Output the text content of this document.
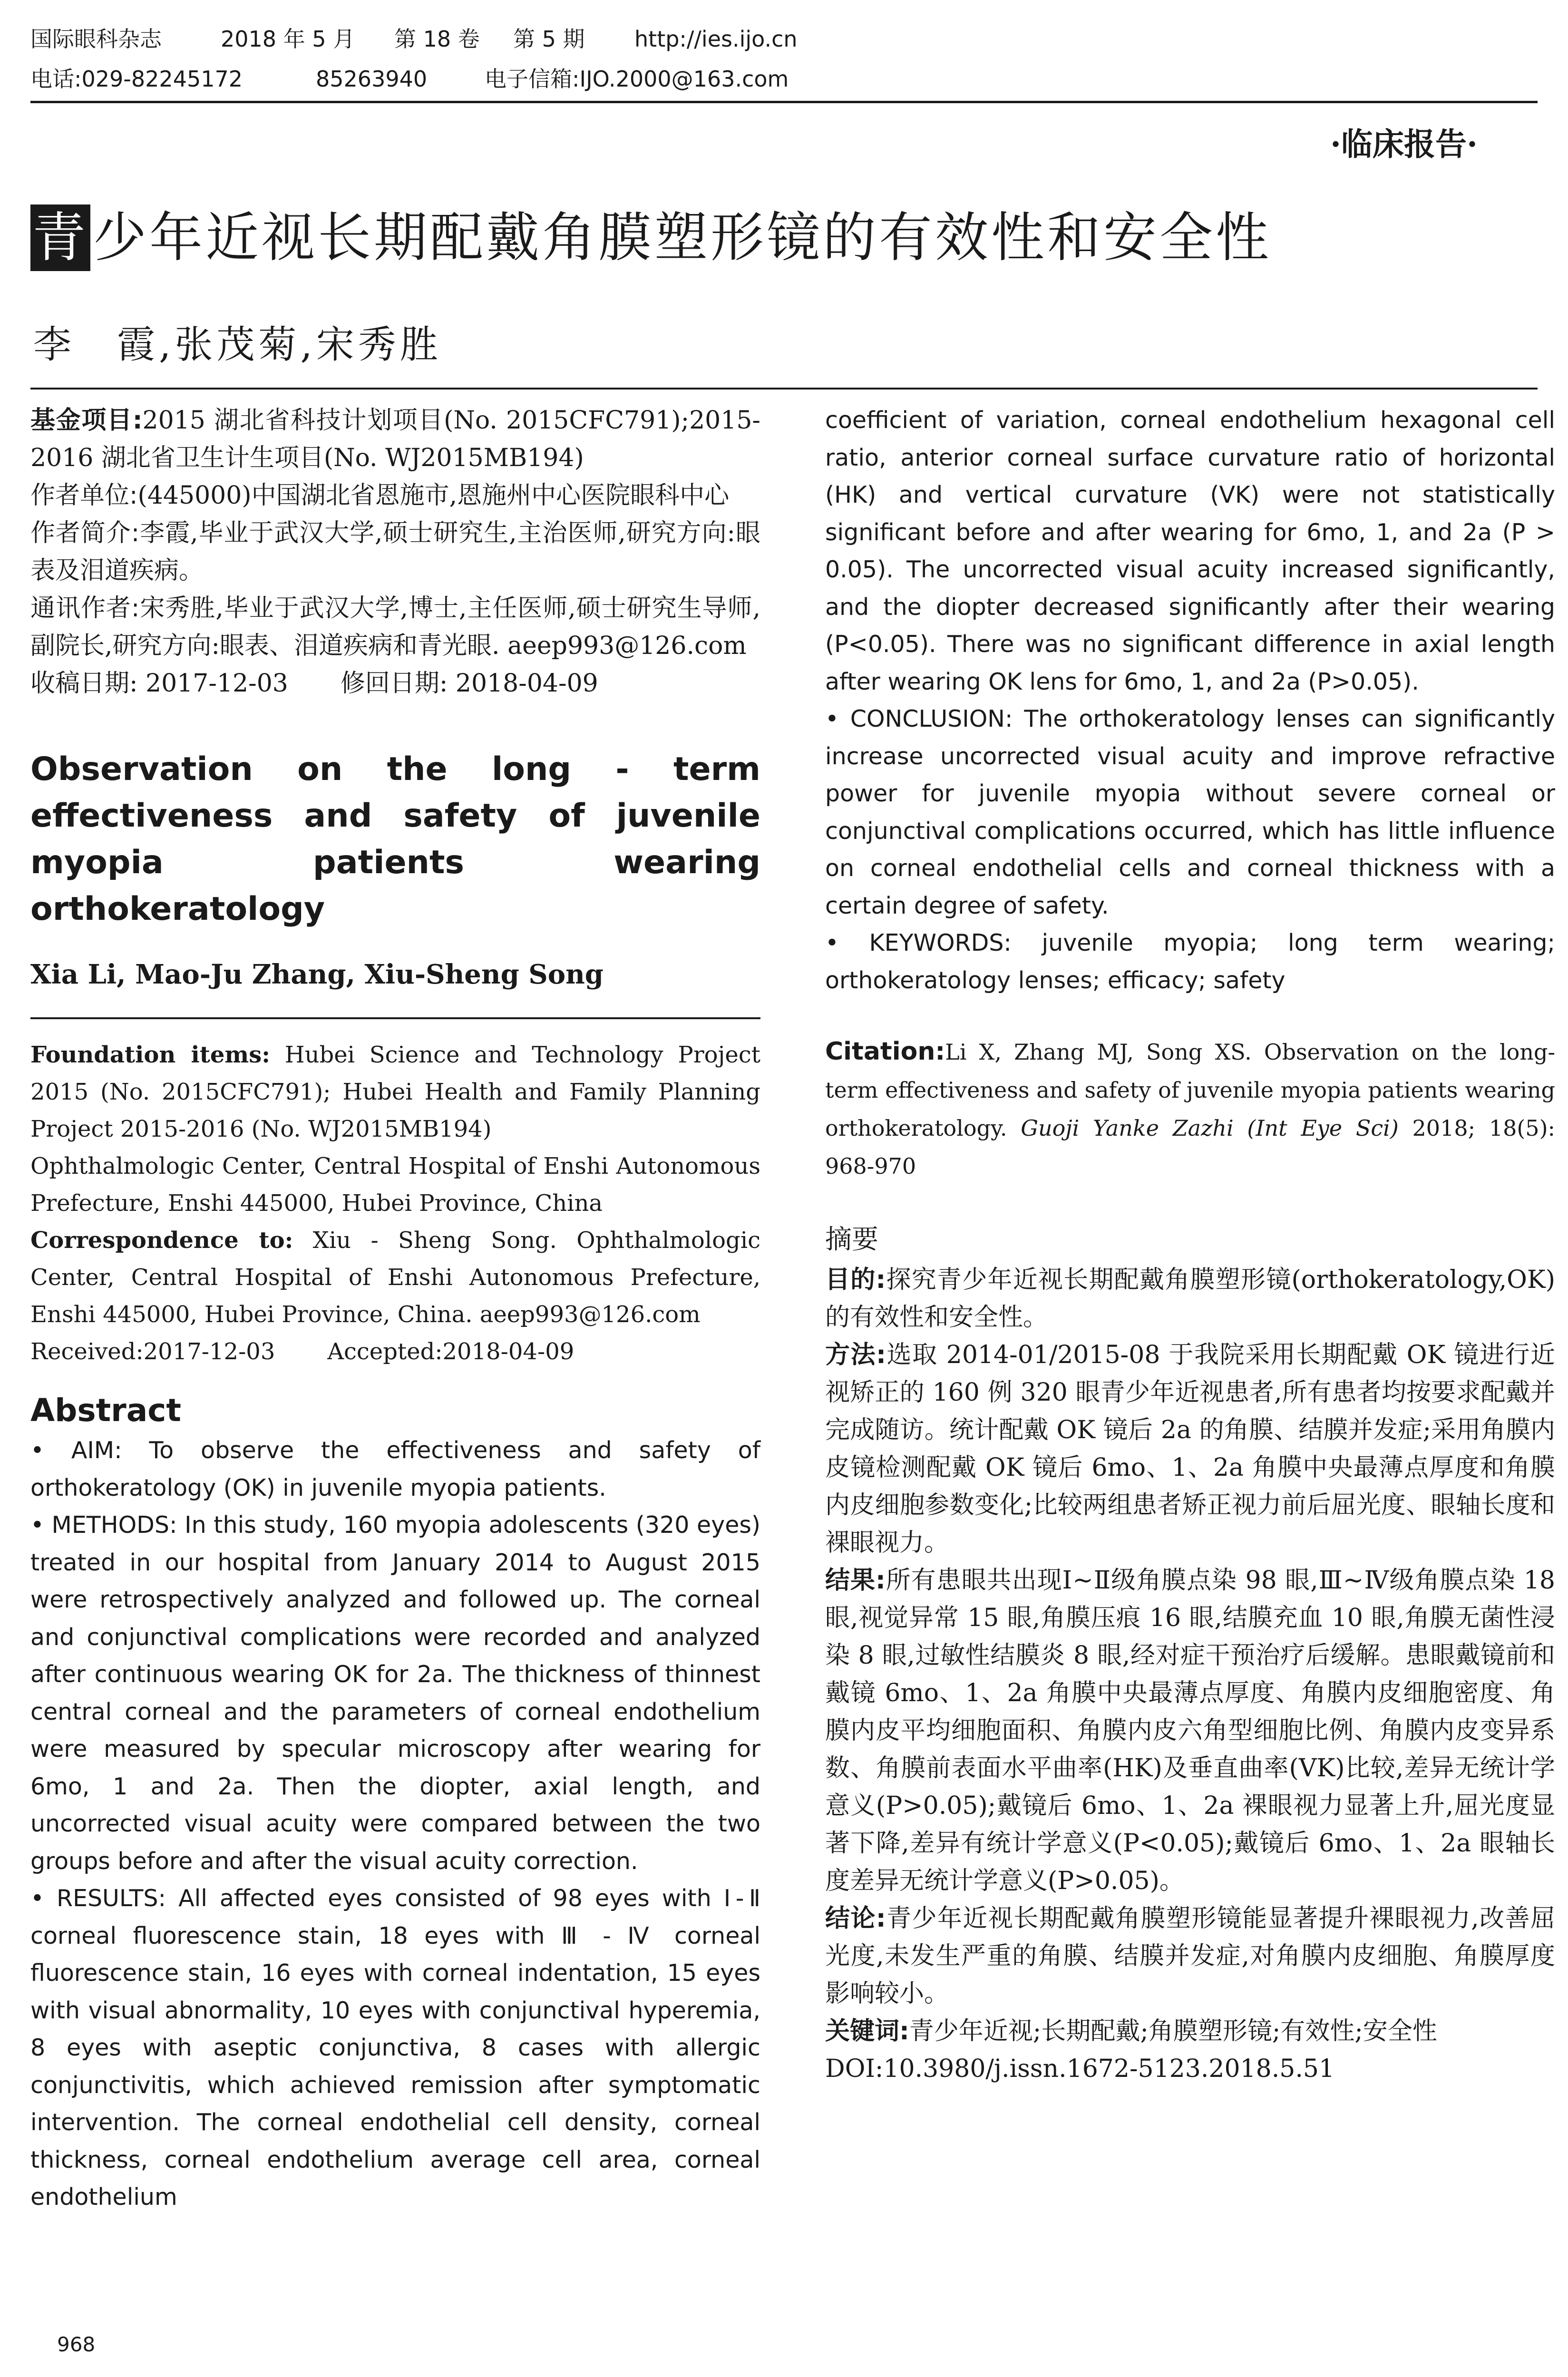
国际眼科杂志	2018 年 5 月	第 18 卷	第 5 期	http://ies.ijo.cn
电话:029-82245172	85263940	电子信箱:IJO.2000@163.com
·临床报告·
青少年近视长期配戴角膜塑形镜的有效性和安全性
李　霞,张茂菊,宋秀胜

基金项目:2015 湖北省科技计划项目(No. 2015CFC791);2015-2016 湖北省卫生计生项目(No. WJ2015MB194)

作者单位:(445000)中国湖北省恩施市,恩施州中心医院眼科中心

作者简介:李霞,毕业于武汉大学,硕士研究生,主治医师,研究方向:眼表及泪道疾病。

通讯作者:宋秀胜,毕业于武汉大学,博士,主任医师,硕士研究生导师,副院长,研究方向:眼表、泪道疾病和青光眼. aeep993@126.com

收稿日期: 2017-12-03 修回日期: 2018-04-09

Observation on the long - term effectiveness and safety of juvenile myopia patients wearing orthokeratology

Xia Li, Mao-Ju Zhang, Xiu-Sheng Song

Foundation items: Hubei Science and Technology Project 2015 (No. 2015CFC791); Hubei Health and Family Planning Project 2015-2016 (No. WJ2015MB194)

Ophthalmologic Center, Central Hospital of Enshi Autonomous Prefecture, Enshi 445000, Hubei Province, China

Correspondence to: Xiu - Sheng Song. Ophthalmologic Center, Central Hospital of Enshi Autonomous Prefecture, Enshi 445000, Hubei Province, China. aeep993@126.com

Received:2017-12-03 Accepted:2018-04-09

Abstract

• AIM: To observe the effectiveness and safety of orthokeratology (OK) in juvenile myopia patients.

• METHODS: In this study, 160 myopia adolescents (320 eyes) treated in our hospital from January 2014 to August 2015 were retrospectively analyzed and followed up. The corneal and conjunctival complications were recorded and analyzed after continuous wearing OK for 2a. The thickness of thinnest central corneal and the parameters of corneal endothelium were measured by specular microscopy after wearing for 6mo, 1 and 2a. Then the diopter, axial length, and uncorrected visual acuity were compared between the two groups before and after the visual acuity correction.

• RESULTS: All affected eyes consisted of 98 eyes with Ⅰ-Ⅱ corneal fluorescence stain, 18 eyes with Ⅲ - Ⅳ corneal fluorescence stain, 16 eyes with corneal indentation, 15 eyes with visual abnormality, 10 eyes with conjunctival hyperemia, 8 eyes with aseptic conjunctiva, 8 cases with allergic conjunctivitis, which achieved remission after symptomatic intervention. The corneal endothelial cell density, corneal thickness, corneal endothelium average cell area, corneal endothelium

coefficient of variation, corneal endothelium hexagonal cell ratio, anterior corneal surface curvature ratio of horizontal (HK) and vertical curvature (VK) were not statistically significant before and after wearing for 6mo, 1, and 2a (P > 0.05). The uncorrected visual acuity increased significantly, and the diopter decreased significantly after their wearing (P<0.05). There was no significant difference in axial length after wearing OK lens for 6mo, 1, and 2a (P>0.05).

• CONCLUSION: The orthokeratology lenses can significantly increase uncorrected visual acuity and improve refractive power for juvenile myopia without severe corneal or conjunctival complications occurred, which has little influence on corneal endothelial cells and corneal thickness with a certain degree of safety.

• KEYWORDS: juvenile myopia; long term wearing; orthokeratology lenses; efficacy; safety

Citation:Li X, Zhang MJ, Song XS. Observation on the long-term effectiveness and safety of juvenile myopia patients wearing orthokeratology. Guoji Yanke Zazhi (Int Eye Sci) 2018; 18(5): 968-970

摘要

目的:探究青少年近视长期配戴角膜塑形镜(orthokeratology,OK)的有效性和安全性。

方法:选取 2014-01/2015-08 于我院采用长期配戴 OK 镜进行近视矫正的 160 例 320 眼青少年近视患者,所有患者均按要求配戴并完成随访。统计配戴 OK 镜后 2a 的角膜、结膜并发症;采用角膜内皮镜检测配戴 OK 镜后 6mo、1、2a 角膜中央最薄点厚度和角膜内皮细胞参数变化;比较两组患者矫正视力前后屈光度、眼轴长度和裸眼视力。

结果:所有患眼共出现Ⅰ~Ⅱ级角膜点染 98 眼,Ⅲ~Ⅳ级角膜点染 18 眼,视觉异常 15 眼,角膜压痕 16 眼,结膜充血 10 眼,角膜无菌性浸染 8 眼,过敏性结膜炎 8 眼,经对症干预治疗后缓解。患眼戴镜前和戴镜 6mo、1、2a 角膜中央最薄点厚度、角膜内皮细胞密度、角膜内皮平均细胞面积、角膜内皮六角型细胞比例、角膜内皮变异系数、角膜前表面水平曲率(HK)及垂直曲率(VK)比较,差异无统计学意义(P>0.05);戴镜后 6mo、1、2a 裸眼视力显著上升,屈光度显著下降,差异有统计学意义(P<0.05);戴镜后 6mo、1、2a 眼轴长度差异无统计学意义(P>0.05)。

结论:青少年近视长期配戴角膜塑形镜能显著提升裸眼视力,改善屈光度,未发生严重的角膜、结膜并发症,对角膜内皮细胞、角膜厚度影响较小。

关键词:青少年近视;长期配戴;角膜塑形镜;有效性;安全性

DOI:10.3980/j.issn.1672-5123.2018.5.51

968
